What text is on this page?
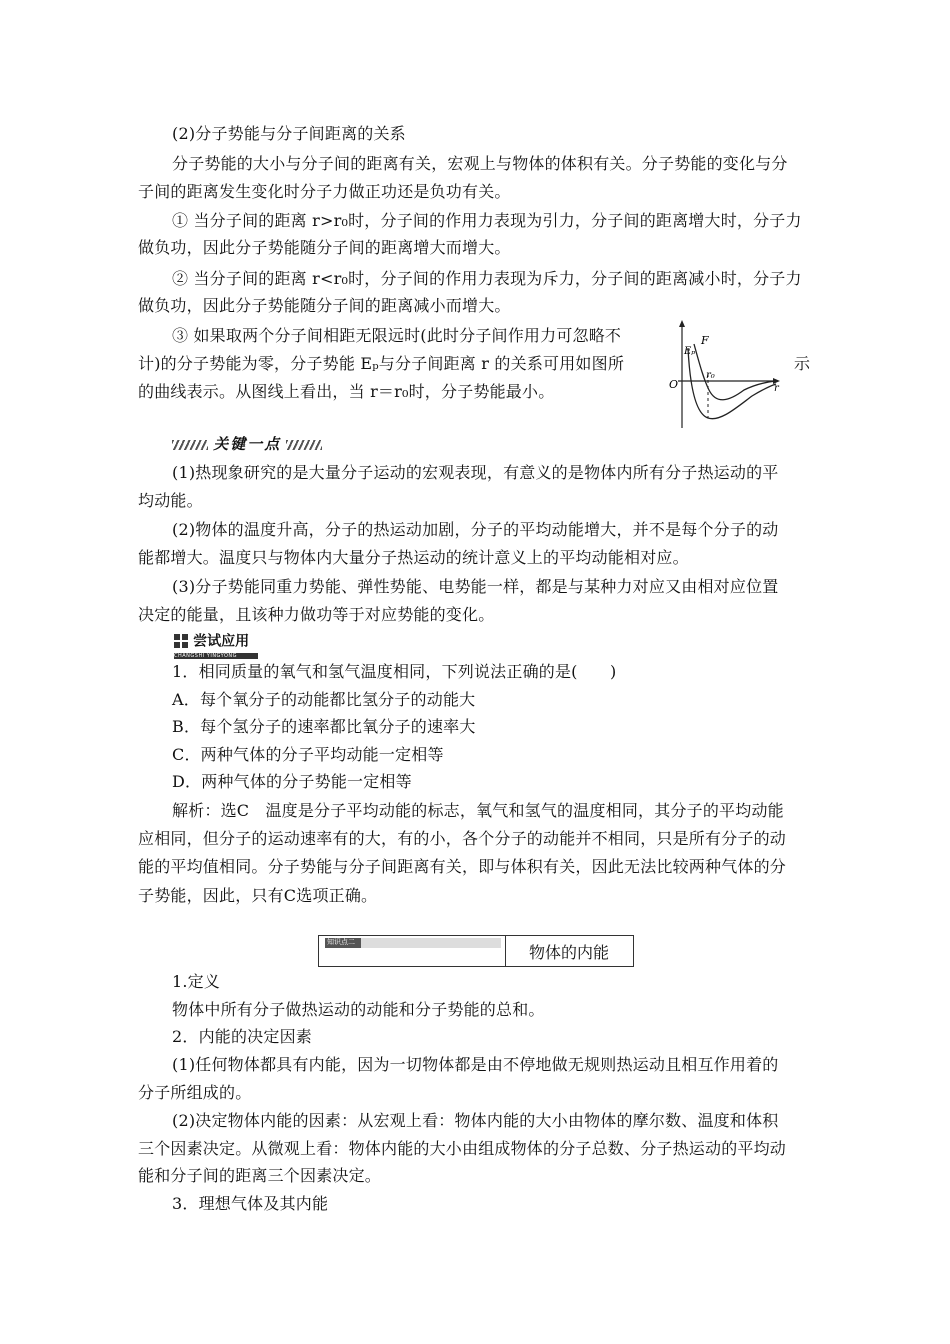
(2)分子势能与分子间距离的关系
分子势能的大小与分子间的距离有关，宏观上与物体的体积有关。分子势能的变化与分
子间的距离发生变化时分子力做正功还是负功有关。
① 当分子间的距离 r>r₀时，分子间的作用力表现为引力，分子间的距离增大时，分子力
做负功，因此分子势能随分子间的距离增大而增大。
② 当分子间的距离 r<r₀时，分子间的作用力表现为斥力，分子间的距离减小时，分子力
做负功，因此分子势能随分子间的距离减小而增大。
③ 如果取两个分子间相距无限远时(此时分子间作用力可忽略不
计)的分子势能为零，分子势能 Eₚ与分子间距离 r 的关系可用如图所	示
的曲线表示。从图线上看出，当 r＝r₀时，分子势能最小。
F
Eₚ
r₀
O	r
关键一点
(1)热现象研究的是大量分子运动的宏观表现，有意义的是物体内所有分子热运动的平
均动能。
(2)物体的温度升高，分子的热运动加剧，分子的平均动能增大，并不是每个分子的动
能都增大。温度只与物体内大量分子热运动的统计意义上的平均动能相对应。
(3)分子势能同重力势能、弹性势能、电势能一样，都是与某种力对应又由相对应位置
决定的能量，且该种力做功等于对应势能的变化。
尝试应用
CHANGSHI YINGYONG
1．相同质量的氧气和氢气温度相同，下列说法正确的是(　　)
A．每个氧分子的动能都比氢分子的动能大
B．每个氢分子的速率都比氧分子的速率大
C．两种气体的分子平均动能一定相等
D．两种气体的分子势能一定相等
解析：选C　温度是分子平均动能的标志，氧气和氢气的温度相同，其分子的平均动能
应相同，但分子的运动速率有的大，有的小，各个分子的动能并不相同，只是所有分子的动
能的平均值相同。分子势能与分子间距离有关，即与体积有关，因此无法比较两种气体的分
子势能，因此，只有C选项正确。
知识点二
物体的内能
1.定义
物体中所有分子做热运动的动能和分子势能的总和。
2．内能的决定因素
(1)任何物体都具有内能，因为一切物体都是由不停地做无规则热运动且相互作用着的
分子所组成的。
(2)决定物体内能的因素：从宏观上看：物体内能的大小由物体的摩尔数、温度和体积
三个因素决定。从微观上看：物体内能的大小由组成物体的分子总数、分子热运动的平均动
能和分子间的距离三个因素决定。
3．理想气体及其内能
